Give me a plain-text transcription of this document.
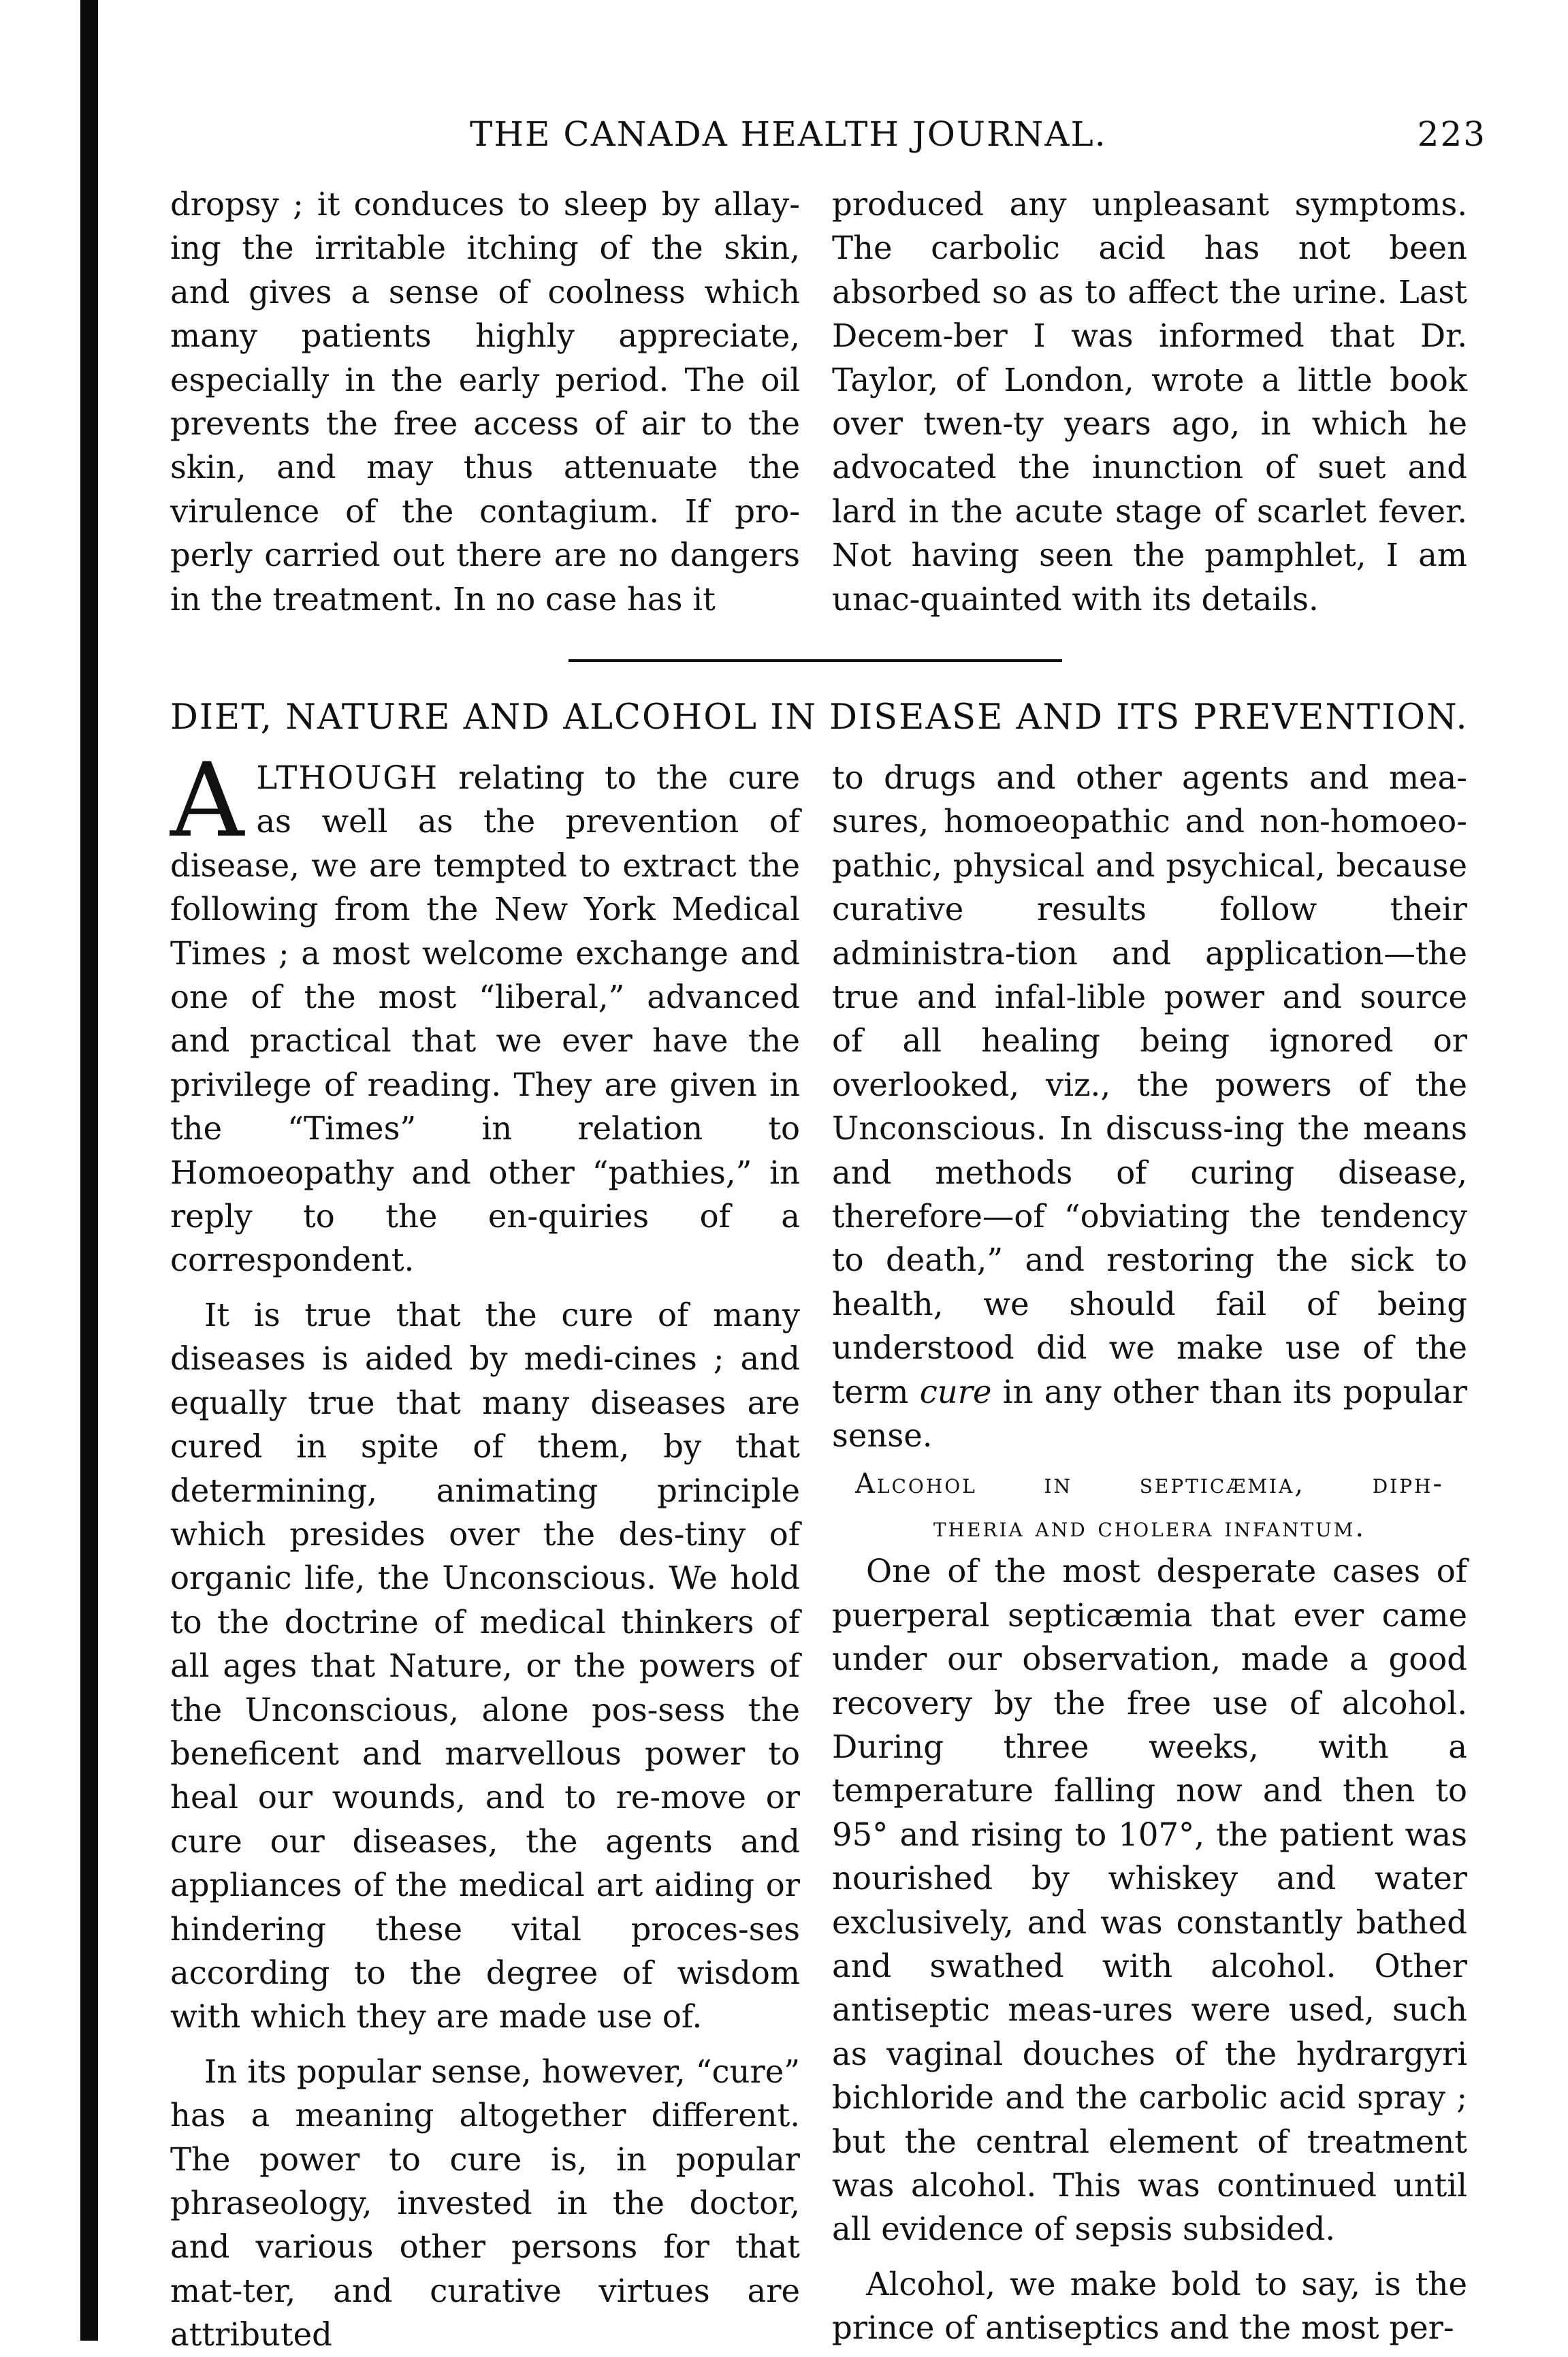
THE CANADA HEALTH JOURNAL.	223

dropsy ; it conduces to sleep by allay-ing the irritable itching of the skin, and gives a sense of coolness which many patients highly appreciate, especially in the early period. The oil prevents the free access of air to the skin, and may thus attenuate the virulence of the contagium. If pro-perly carried out there are no dangers in the treatment. In no case has it

produced any unpleasant symptoms. The carbolic acid has not been absorbed so as to affect the urine. Last Decem-ber I was informed that Dr. Taylor, of London, wrote a little book over twen-ty years ago, in which he advocated the inunction of suet and lard in the acute stage of scarlet fever. Not having seen the pamphlet, I am unac-quainted with its details.

DIET, NATURE AND ALCOHOL IN DISEASE AND ITS PREVENTION.

ALTHOUGH relating to the cure as well as the prevention of disease, we are tempted to extract the following from the New York Medical Times ; a most welcome exchange and one of the most “liberal,” advanced and practical that we ever have the privilege of reading. They are given in the “Times” in relation to Homoeopathy and other “pathies,” in reply to the en-quiries of a correspondent.

It is true that the cure of many diseases is aided by medi-cines ; and equally true that many diseases are cured in spite of them, by that determining, animating principle which presides over the des-tiny of organic life, the Unconscious. We hold to the doctrine of medical thinkers of all ages that Nature, or the powers of the Unconscious, alone pos-sess the beneficent and marvellous power to heal our wounds, and to re-move or cure our diseases, the agents and appliances of the medical art aiding or hindering these vital proces-ses according to the degree of wisdom with which they are made use of.

In its popular sense, however, “cure” has a meaning altogether different. The power to cure is, in popular phraseology, invested in the doctor, and various other persons for that mat-ter, and curative virtues are attributed

to drugs and other agents and mea-sures, homoeopathic and non-homoeo-pathic, physical and psychical, because curative results follow their administra-tion and application—the true and infal-lible power and source of all healing being ignored or overlooked, viz., the powers of the Unconscious. In discuss-ing the means and methods of curing disease, therefore—of “obviating the tendency to death,” and restoring the sick to health, we should fail of being understood did we make use of the term cure in any other than its popular sense.

Alcohol in septicæmia, diph-
theria and cholera infantum.

One of the most desperate cases of puerperal septicæmia that ever came under our observation, made a good recovery by the free use of alcohol. During three weeks, with a temperature falling now and then to 95° and rising to 107°, the patient was nourished by whiskey and water exclusively, and was constantly bathed and swathed with alcohol. Other antiseptic meas-ures were used, such as vaginal douches of the hydrargyri bichloride and the carbolic acid spray ; but the central element of treatment was alcohol. This was continued until all evidence of sepsis subsided.

Alcohol, we make bold to say, is the prince of antiseptics and the most per-
